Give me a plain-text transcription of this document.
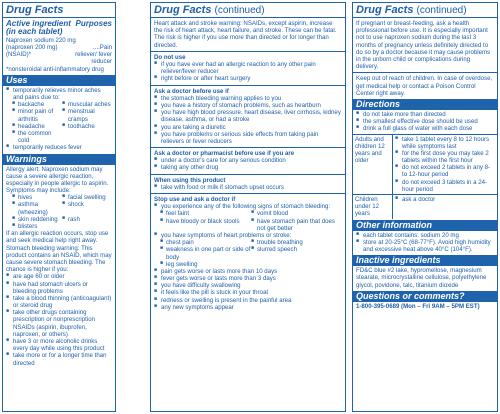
Drug Facts
Active ingredient (in each tablet)
Purposes
Naproxen sodium 220 mg
(naproxen 200 mg) (NSAID)*
....Pain reliever/ fever reducer
*nonsteroidal anti-inflammatory drug
Uses
■ temporarily relieves minor aches and pains due to:
■ backache	■ muscular aches
■ minor pain of arthritis
■ menstrual cramps
■ headache	■ toothache
■ the common cold
■ temporarily reduces fever
Warnings
Allergy alert: Naproxen sodium may cause a severe allergic reaction, especially in people allergic to aspirin. Symptoms may include:
■ hives	■ facial swelling
■ asthma (wheezing)
■ shock
■ skin reddening	■ rash
■ blisters
If an allergic reaction occurs, stop use and seek medical help right away.
Stomach bleeding warning: This product contains an NSAID, which may cause severe stomach bleeding. The chance is higher if you:
■ are age 60 or older
■ have had stomach ulcers or bleeding problems
■ take a blood thinning (anticoagulant) or steroid drug
■ take other drugs containing prescription or nonprescription NSAIDs (aspirin, ibuprofen, naproxen, or others)
■ have 3 or more alcoholic drinks every day while using this product
■ take more or for a longer time than directed
Drug Facts (continued)
Heart attack and stroke warning: NSAIDs, except aspirin, increase the risk of heart attack, heart failure, and stroke. These can be fatal. The risk is higher if you use more than directed or for longer than directed.
Do not use
■ if you have ever had an allergic reaction to any other pain reliever/fever reducer
■ right before or after heart surgery
Ask a doctor before use if
■ the stomach bleeding warning applies to you
■ you have a history of stomach problems, such as heartburn
■ you have high blood pressure, heart disease, liver cirrhosis, kidney disease, asthma, or had a stroke
■ you are taking a diuretic
■ you have problems or serious side effects from taking pain relievers or fever reducers
Ask a doctor or pharmacist before use if you are
■ under a doctor's care for any serious condition
■ taking any other drug
When using this product
■ take with food or milk if stomach upset occurs
Stop use and ask a doctor if
■ you experience any of the following signs of stomach bleeding:
■ feel faint	■ vomit blood
■ have bloody or black stools	■ have stomach pain that does not get better
■ you have symptoms of heart problems or stroke:
■ chest pain	■ trouble breathing
■ weakness in one part or side of body
■ slurred speech
■ leg swelling
■ pain gets worse or lasts more than 10 days
■ fever gets worse or lasts more than 3 days
■ you have difficulty swallowing
■ it feels like the pill is stuck in your throat
■ redness or swelling is present in the painful area
■ any new symptoms appear
Drug Facts (continued)
If pregnant or breast-feeding, ask a health professional before use. It is especially important not to use naproxen sodium during the last 3 months of pregnancy unless definitely directed to do so by a doctor because it may cause problems in the unborn child or complications during delivery.
Keep out of reach of children. In case of overdose, get medical help or contact a Poison Control Center right away.
Directions
■ do not take more than directed
■ the smallest effective dose should be used
■ drink a full glass of water with each dose
Adults and children 12 years and older
■ take 1 tablet every 8 to 12 hours while symptoms last
■ for the first dose you may take 2 tablets within the first hour
■ do not exceed 2 tablets in any 8- to 12-hour period
■ do not exceed 3 tablets in a 24-hour period
Children under 12 years
■ ask a doctor
Other information
■ each tablet contains: sodium 20 mg
■ store at 20-25°C (68-77°F). Avoid high humidity and excessive heat above 40°C (104°F).
Inactive ingredients
FD&C blue #2 lake, hypromellose, magnesium stearate, microcrystalline cellulose, polyethylene glycol, povidone, talc, titanium dioxide
Questions or comments?
1-800-395-0689 (Mon – Fri 9AM – 5PM EST)
